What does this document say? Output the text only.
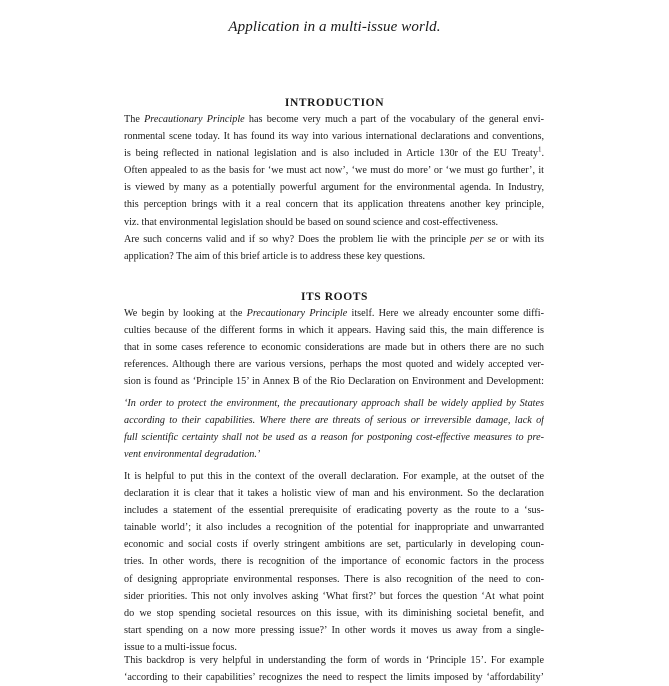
Application in a multi-issue world.
INTRODUCTION
The Precautionary Principle has become very much a part of the vocabulary of the general envi-
ronmental scene today. It has found its way into various international declarations and conventions,
is being reflected in national legislation and is also included in Article 130r of the EU Treaty$^1$.
Often appealed to as the basis for ‘we must act now’, ‘we must do more’ or ‘we must go further’, it
is viewed by many as a potentially powerful argument for the environmental agenda. In Industry,
this perception brings with it a real concern that its application threatens another key principle,
viz. that environmental legislation should be based on sound science and cost-effectiveness.
Are such concerns valid and if so why? Does the problem lie with the principle per se or with its
application? The aim of this brief article is to address these key questions.
ITS ROOTS
We begin by looking at the Precautionary Principle itself. Here we already encounter some diffi-
culties because of the different forms in which it appears. Having said this, the main difference is
that in some cases reference to economic considerations are made but in others there are no such
references. Although there are various versions, perhaps the most quoted and widely accepted ver-
sion is found as ‘Principle 15’ in Annex B of the Rio Declaration on Environment and Development:
‘In order to protect the environment, the precautionary approach shall be widely applied by States
according to their capabilities. Where there are threats of serious or irreversible damage, lack of
full scientific certainty shall not be used as a reason for postponing cost-effective measures to pre-
vent environmental degradation.’
It is helpful to put this in the context of the overall declaration. For example, at the outset of the
declaration it is clear that it takes a holistic view of man and his environment. So the declaration
includes a statement of the essential prerequisite of eradicating poverty as the route to a ‘sus-
tainable world’; it also includes a recognition of the potential for inappropriate and unwarranted
economic and social costs if overly stringent ambitions are set, particularly in developing coun-
tries. In other words, there is recognition of the importance of economic factors in the process
of designing appropriate environmental responses. There is also recognition of the need to con-
sider priorities. This not only involves asking ‘What first?’ but forces the question ‘At what point
do we stop spending societal resources on this issue, with its diminishing societal benefit, and
start spending on a now more pressing issue?’ In other words it moves us away from a single-
issue to a multi-issue focus.
This backdrop is very helpful in understanding the form of words in ‘Principle 15’. For example
‘according to their capabilities’ recognizes the need to respect the limits imposed by ‘affordability’
